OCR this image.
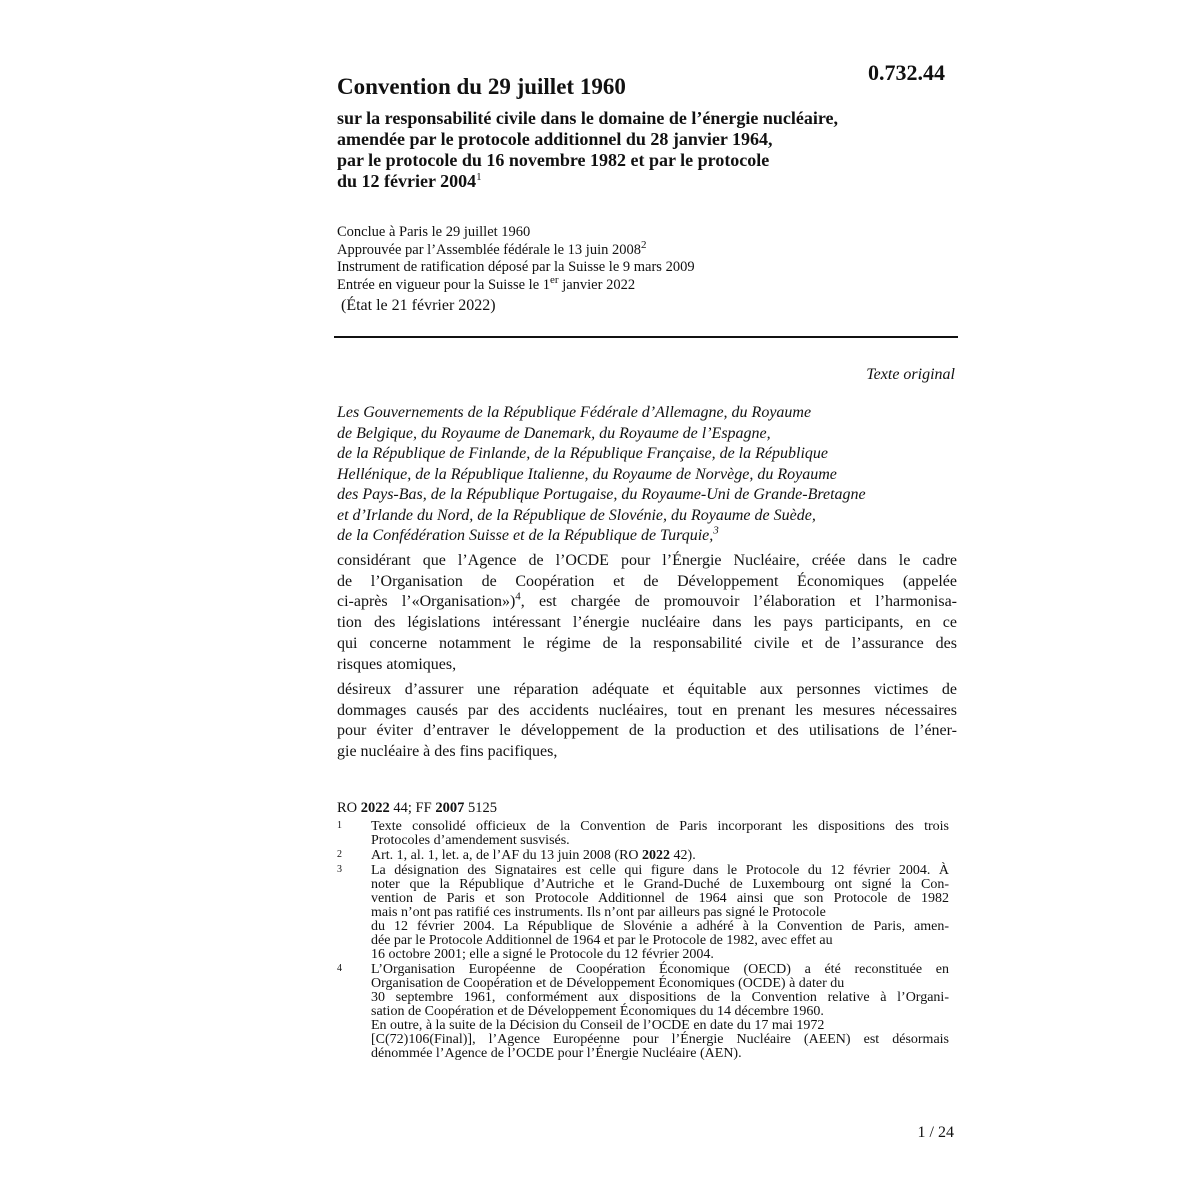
0.732.44
Convention du 29 juillet 1960
sur la responsabilité civile dans le domaine de l’énergie nucléaire,
amendée par le protocole additionnel du 28 janvier 1964,
par le protocole du 16 novembre 1982 et par le protocole
du 12 février 2004$^1$
Conclue à Paris le 29 juillet 1960
Approuvée par l’Assemblée fédérale le 13 juin 2008$^2$
Instrument de ratification déposé par la Suisse le 9 mars 2009
Entrée en vigueur pour la Suisse le 1er janvier 2022
(État le 21 février 2022)
Texte original
Les Gouvernements de la République Fédérale d’Allemagne, du Royaume
de Belgique, du Royaume de Danemark, du Royaume de l’Espagne,
de la République de Finlande, de la République Française, de la République
Hellénique, de la République Italienne, du Royaume de Norvège, du Royaume
des Pays-Bas, de la République Portugaise, du Royaume-Uni de Grande-Bretagne
et d’Irlande du Nord, de la République de Slovénie, du Royaume de Suède,
de la Confédération Suisse et de la République de Turquie,$^3$
considérant que l’Agence de l’OCDE pour l’Énergie Nucléaire, créée dans le cadre
de l’Organisation de Coopération et de Développement Économiques (appelée
ci-après l’«Organisation»)$^4$, est chargée de promouvoir l’élaboration et l’harmonisa-
tion des législations intéressant l’énergie nucléaire dans les pays participants, en ce
qui concerne notamment le régime de la responsabilité civile et de l’assurance des
risques atomiques,
désireux d’assurer une réparation adéquate et équitable aux personnes victimes de
dommages causés par des accidents nucléaires, tout en prenant les mesures nécessaires
pour éviter d’entraver le développement de la production et des utilisations de l’éner-
gie nucléaire à des fins pacifiques,
RO 2022 44; FF 2007 5125
1 Texte consolidé officieux de la Convention de Paris incorporant les dispositions des trois
Protocoles d’amendement susvisés.
2 Art. 1, al. 1, let. a, de l’AF du 13 juin 2008 (RO 2022 42).
3 La désignation des Signataires est celle qui figure dans le Protocole du 12 février 2004. À
noter que la République d’Autriche et le Grand-Duché de Luxembourg ont signé la Con-
vention de Paris et son Protocole Additionnel de 1964 ainsi que son Protocole de 1982
mais n’ont pas ratifié ces instruments. Ils n’ont par ailleurs pas signé le Protocole
du 12 février 2004. La République de Slovénie a adhéré à la Convention de Paris, amen-
dée par le Protocole Additionnel de 1964 et par le Protocole de 1982, avec effet au
16 octobre 2001; elle a signé le Protocole du 12 février 2004.
4 L’Organisation Européenne de Coopération Économique (OECD) a été reconstituée en
Organisation de Coopération et de Développement Économiques (OCDE) à dater du
30 septembre 1961, conformément aux dispositions de la Convention relative à l’Organi-
sation de Coopération et de Développement Économiques du 14 décembre 1960.
En outre, à la suite de la Décision du Conseil de l’OCDE en date du 17 mai 1972
[C(72)106(Final)], l’Agence Européenne pour l’Énergie Nucléaire (AEEN) est désormais
dénommée l’Agence de l’OCDE pour l’Énergie Nucléaire (AEN).
1 / 24
